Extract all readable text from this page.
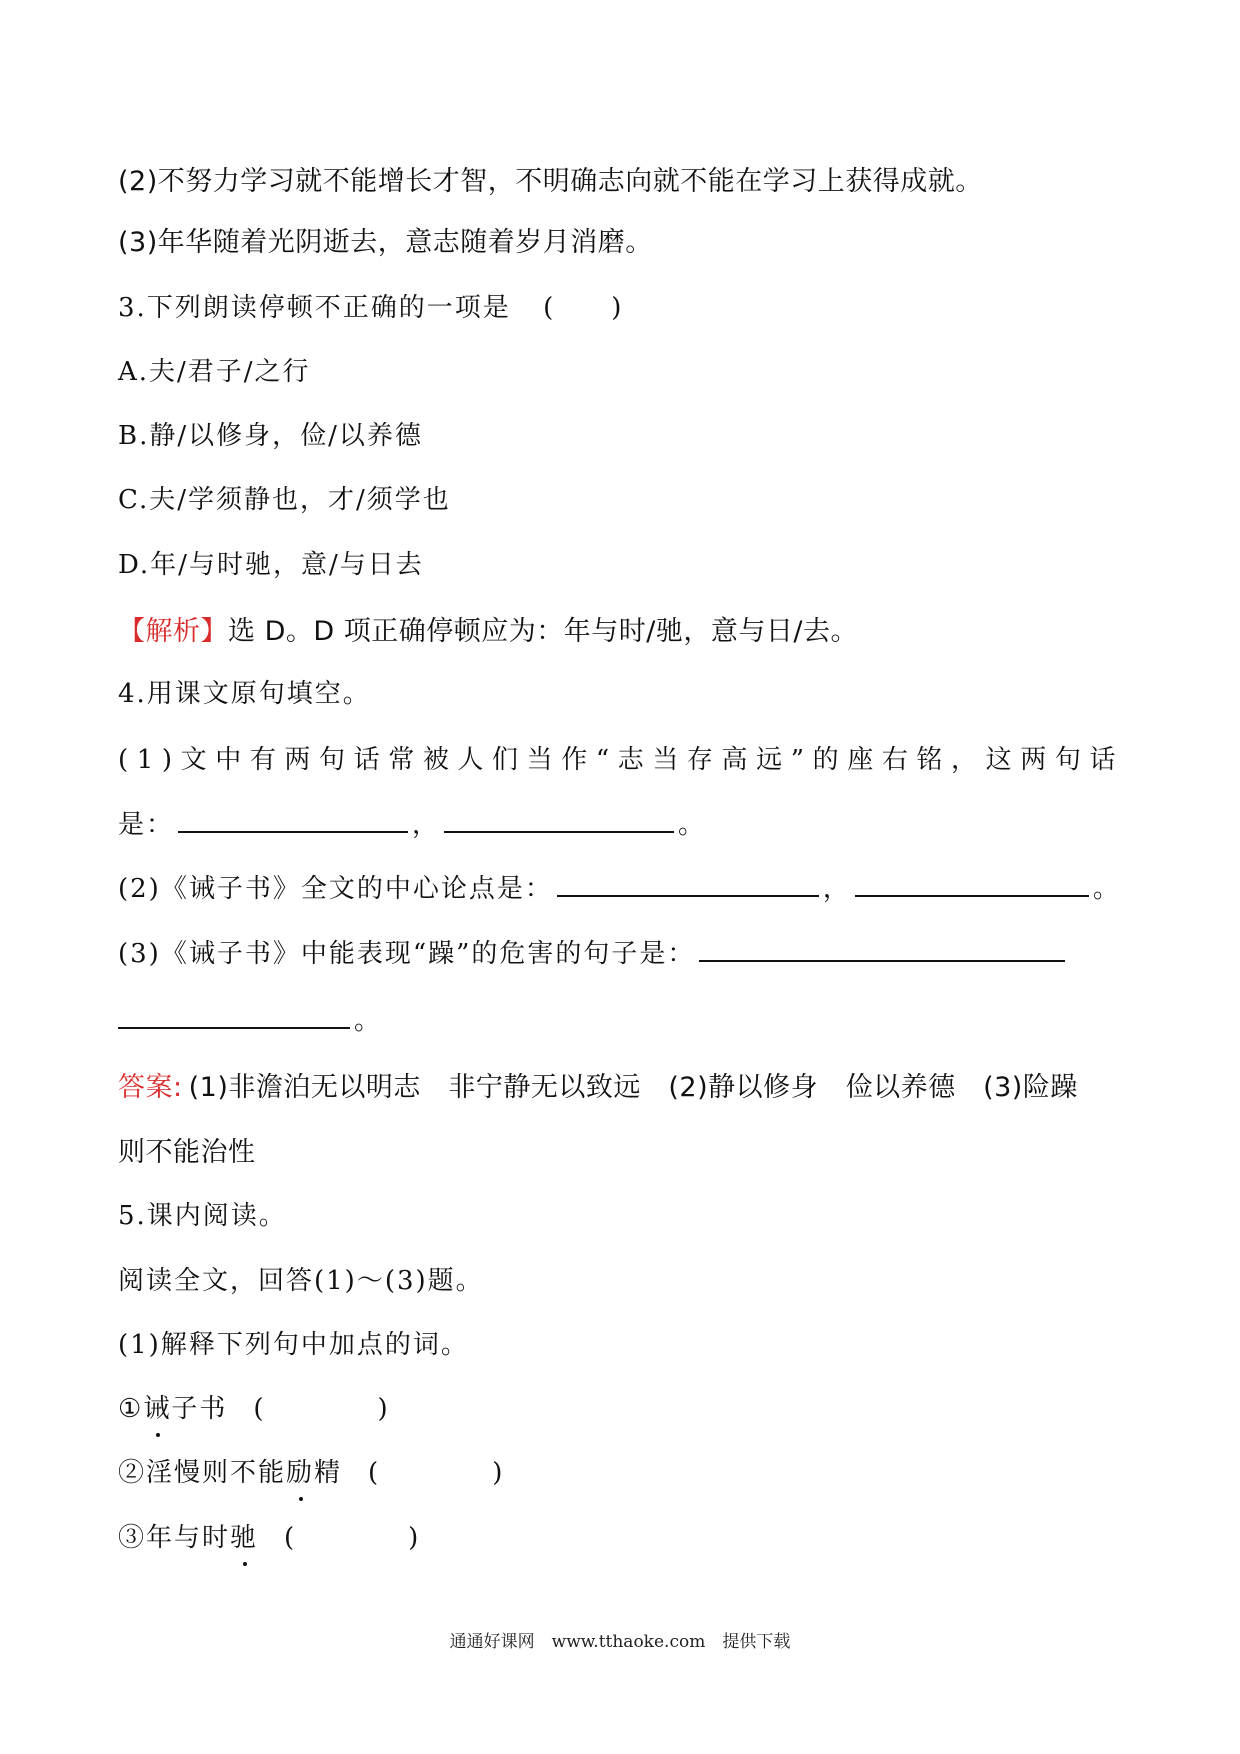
(2)不努力学习就不能增长才智，不明确志向就不能在学习上获得成就。
(3)年华随着光阴逝去，意志随着岁月消磨。
3.下列朗读停顿不正确的一项是 (　　)
A.夫/君子/之行
B.静/以修身，俭/以养德
C.夫/学须静也，才/须学也
D.年/与时驰，意/与日去
【解析】选 D。D 项正确停顿应为：年与时/驰，意与日/去。
4.用课文原句填空。
(1)文中有两句话常被人们当作“志当存高远”的座右铭，这两句话
是：	，	。
(2)《诫子书》全文的中心论点是：	，	。
(3)《诫子书》中能表现“躁”的危害的句子是：
。
答案: (1)非澹泊无以明志　非宁静无以致远　(2)静以修身　俭以养德　(3)险躁
则不能治性
5.课内阅读。
阅读全文，回答(1)～(3)题。
(1)解释下列句中加点的词。
①诫子书 (　　　　)
②淫慢则不能励精 (　　　　)
③年与时驰 (　　　　)
通通好课网　www.tthaoke.com　提供下载
